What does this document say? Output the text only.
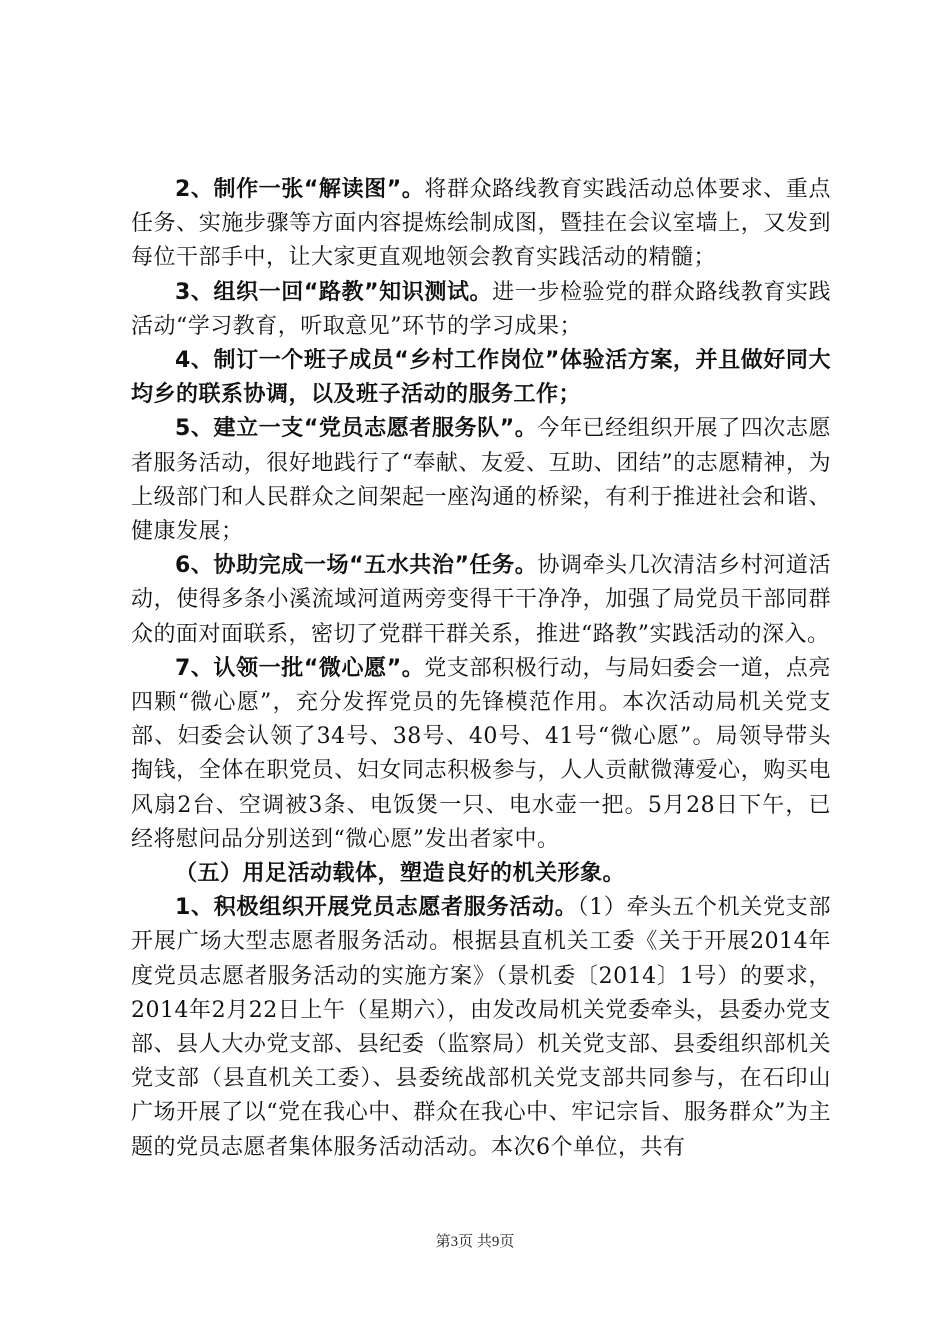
2、制作一张“解读图”。将群众路线教育实践活动总体要求、重点任务、实施步骤等方面内容提炼绘制成图，暨挂在会议室墙上，又发到每位干部手中，让大家更直观地领会教育实践活动的精髓；

3、组织一回“路教”知识测试。进一步检验党的群众路线教育实践活动“学习教育，听取意见”环节的学习成果；

4、制订一个班子成员“乡村工作岗位”体验活方案，并且做好同大均乡的联系协调，以及班子活动的服务工作；

5、建立一支“党员志愿者服务队”。今年已经组织开展了四次志愿者服务活动，很好地践行了“奉献、友爱、互助、团结”的志愿精神，为上级部门和人民群众之间架起一座沟通的桥梁，有利于推进社会和谐、健康发展；

6、协助完成一场“五水共治”任务。协调牵头几次清洁乡村河道活动，使得多条小溪流域河道两旁变得干干净净，加强了局党员干部同群众的面对面联系，密切了党群干群关系，推进“路教”实践活动的深入。

7、认领一批“微心愿”。党支部积极行动，与局妇委会一道，点亮四颗“微心愿”，充分发挥党员的先锋模范作用。本次活动局机关党支部、妇委会认领了34号、38号、40号、41号“微心愿”。局领导带头掏钱，全体在职党员、妇女同志积极参与，人人贡献微薄爱心，购买电风扇2台、空调被3条、电饭煲一只、电水壶一把。5月28日下午，已经将慰问品分别送到“微心愿”发出者家中。

（五）用足活动载体，塑造良好的机关形象。

1、积极组织开展党员志愿者服务活动。（1）牵头五个机关党支部开展广场大型志愿者服务活动。根据县直机关工委《关于开展2014年度党员志愿者服务活动的实施方案》（景机委〔2014〕1号）的要求，2014年2月22日上午（星期六），由发改局机关党委牵头，县委办党支部、县人大办党支部、县纪委（监察局）机关党支部、县委组织部机关党支部（县直机关工委）、县委统战部机关党支部共同参与，在石印山广场开展了以“党在我心中、群众在我心中、牢记宗旨、服务群众”为主题的党员志愿者集体服务活动活动。本次6个单位，共有

第3页 共9页
